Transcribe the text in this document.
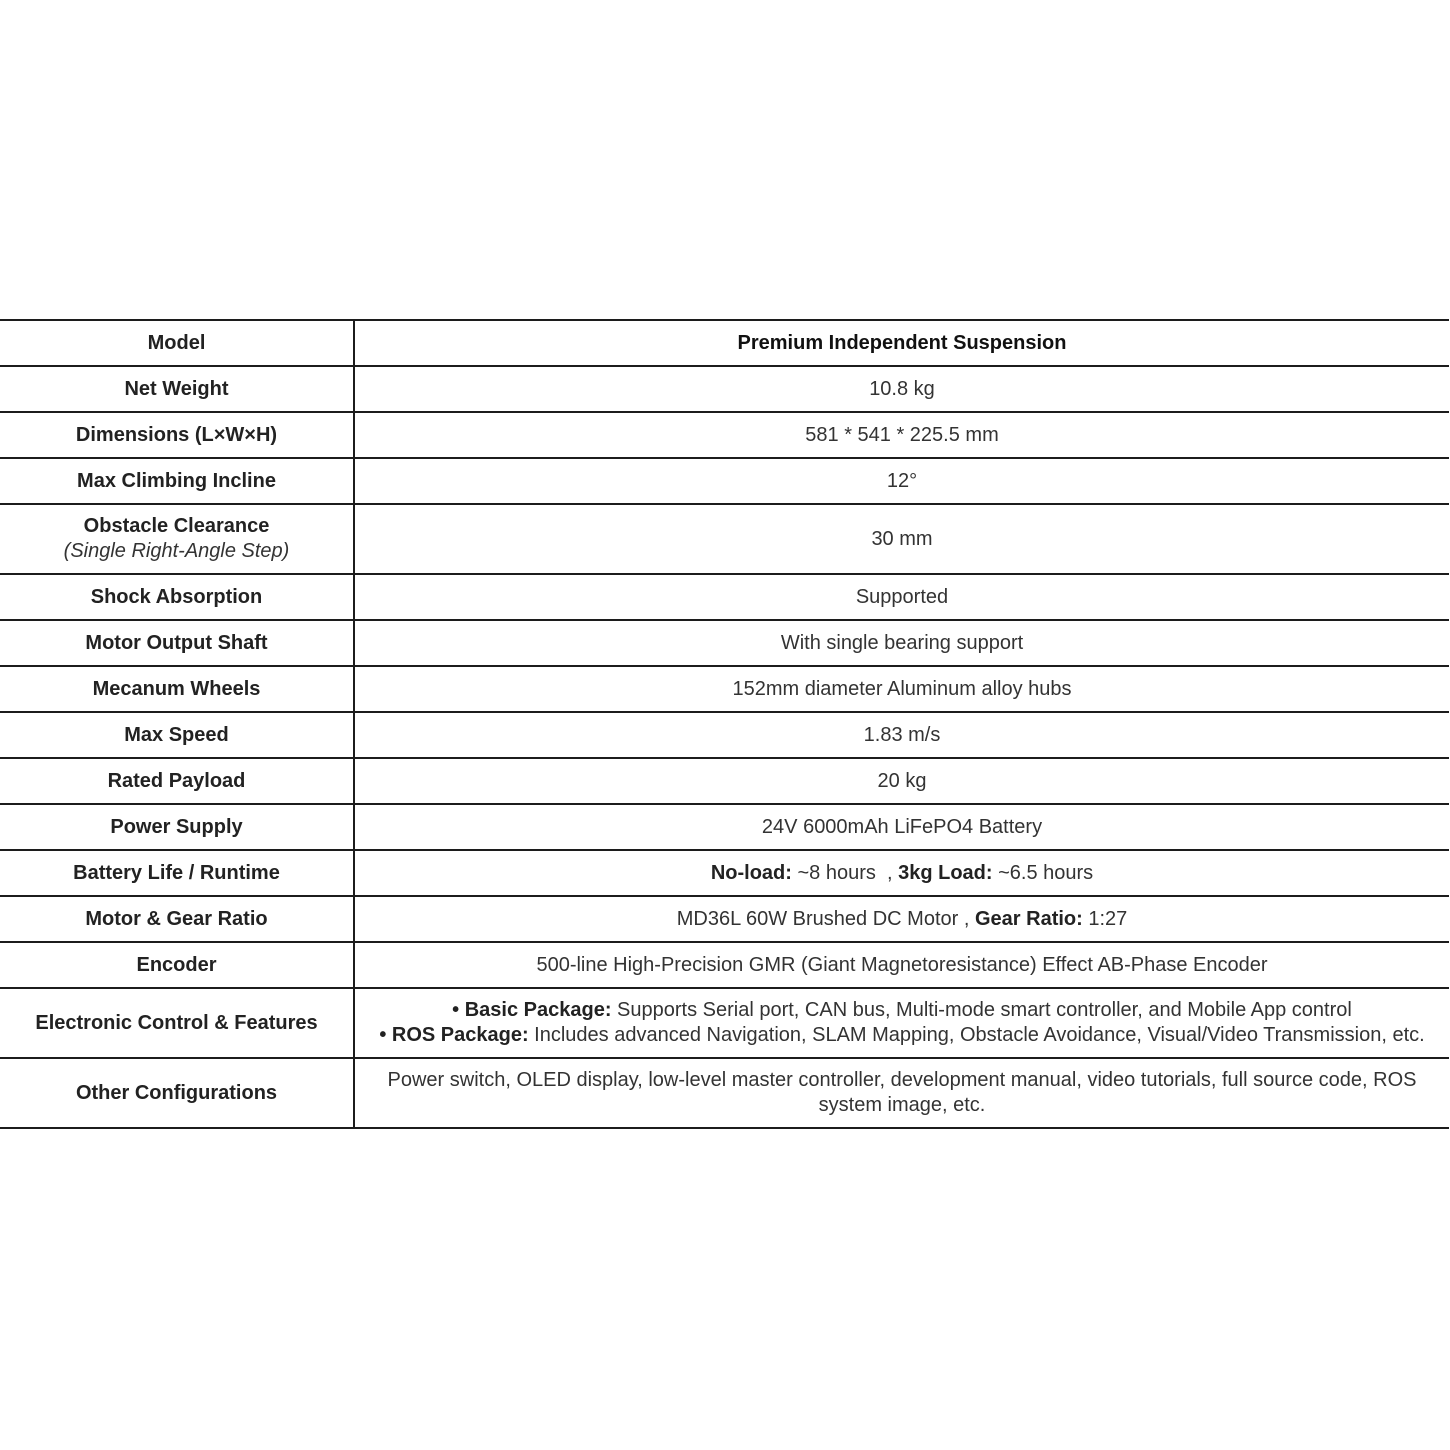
Model	Premium Independent Suspension
Net Weight	10.8 kg
Dimensions (L×W×H)	581 * 541 * 225.5 mm
Max Climbing Incline	12°

Obstacle Clearance
(Single Right-Angle Step)	30 mm
Shock Absorption	Supported
Motor Output Shaft	With single bearing support
Mecanum Wheels	152mm diameter Aluminum alloy hubs
Max Speed	1.83 m/s
Rated Payload	20 kg
Power Supply	24V 6000mAh LiFePO4 Battery
Battery Life / Runtime	No-load: ~8 hours  , 3kg Load: ~6.5 hours
Motor & Gear Ratio	MD36L 60W Brushed DC Motor , Gear Ratio: 1:27
Encoder	500-line High-Precision GMR (Giant Magnetoresistance) Effect AB-Phase Encoder
Electronic Control & Features	• Basic Package: Supports Serial port, CAN bus, Multi-mode smart controller, and Mobile App control
• ROS Package: Includes advanced Navigation, SLAM Mapping, Obstacle Avoidance, Visual/Video Transmission, etc.

Other Configurations	Power switch, OLED display, low-level master controller, development manual, video tutorials, full source code, ROS system image, etc.
